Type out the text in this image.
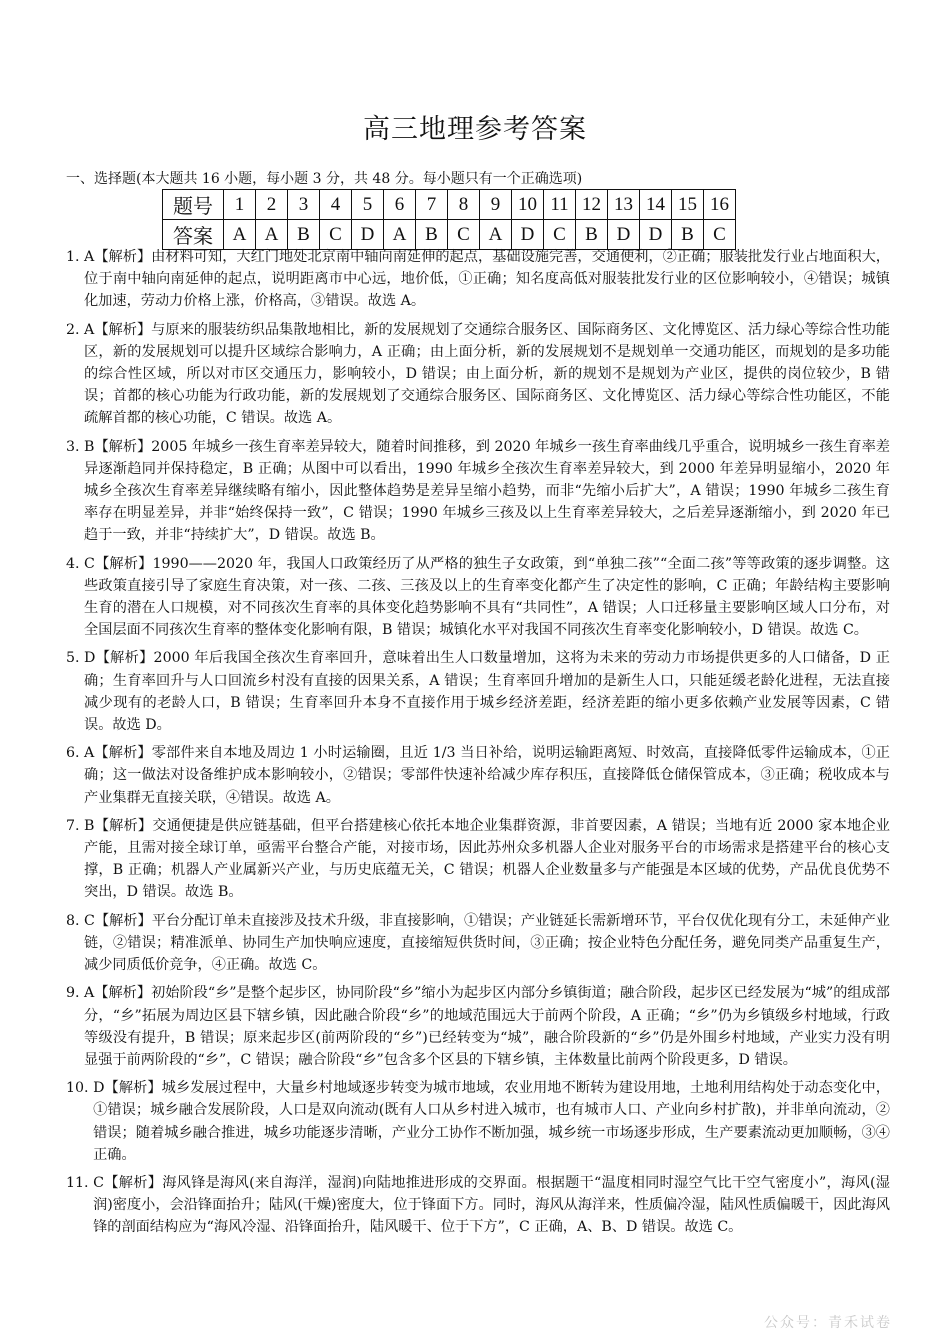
高三地理参考答案
一、选择题(本大题共 16 小题，每小题 3 分，共 48 分。每小题只有一个正确选项)
题号	1	2	3	4	5	6	7	8	9	10	11	12	13	14	15	16
答案	A	A	B	C	D	A	B	C	A	D	C	B	D	D	B	C
1. A【解析】由材料可知，大红门地处北京南中轴向南延伸的起点，基础设施完善，交通便利，②正确；服装批发行业占地面积大，位于南中轴向南延伸的起点，说明距离市中心远，地价低，①正确；知名度高低对服装批发行业的区位影响较小，④错误；城镇化加速，劳动力价格上涨，价格高，③错误。故选 A。
2. A【解析】与原来的服装纺织品集散地相比，新的发展规划了交通综合服务区、国际商务区、文化博览区、活力绿心等综合性功能区，新的发展规划可以提升区域综合影响力，A 正确；由上面分析，新的发展规划不是规划单一交通功能区，而规划的是多功能的综合性区域，所以对市区交通压力，影响较小，D 错误；由上面分析，新的规划不是规划为产业区，提供的岗位较少，B 错误；首都的核心功能为行政功能，新的发展规划了交通综合服务区、国际商务区、文化博览区、活力绿心等综合性功能区，不能疏解首都的核心功能，C 错误。故选 A。
3. B【解析】2005 年城乡一孩生育率差异较大，随着时间推移，到 2020 年城乡一孩生育率曲线几乎重合，说明城乡一孩生育率差异逐渐趋同并保持稳定，B 正确；从图中可以看出，1990 年城乡全孩次生育率差异较大，到 2000 年差异明显缩小，2020 年城乡全孩次生育率差异继续略有缩小，因此整体趋势是差异呈缩小趋势，而非“先缩小后扩大”，A 错误；1990 年城乡二孩生育率存在明显差异，并非“始终保持一致”，C 错误；1990 年城乡三孩及以上生育率差异较大，之后差异逐渐缩小，到 2020 年已趋于一致，并非“持续扩大”，D 错误。故选 B。
4. C【解析】1990——2020 年，我国人口政策经历了从严格的独生子女政策，到“单独二孩”“全面二孩”等等政策的逐步调整。这些政策直接引导了家庭生育决策，对一孩、二孩、三孩及以上的生育率变化都产生了决定性的影响，C 正确；年龄结构主要影响生育的潜在人口规模，对不同孩次生育率的具体变化趋势影响不具有“共同性”，A 错误；人口迁移量主要影响区域人口分布，对全国层面不同孩次生育率的整体变化影响有限，B 错误；城镇化水平对我国不同孩次生育率变化影响较小，D 错误。故选 C。
5. D【解析】2000 年后我国全孩次生育率回升，意味着出生人口数量增加，这将为未来的劳动力市场提供更多的人口储备，D 正确；生育率回升与人口回流乡村没有直接的因果关系，A 错误；生育率回升增加的是新生人口，只能延缓老龄化进程，无法直接减少现有的老龄人口，B 错误；生育率回升本身不直接作用于城乡经济差距，经济差距的缩小更多依赖产业发展等因素，C 错误。故选 D。
6. A【解析】零部件来自本地及周边 1 小时运输圈，且近 1/3 当日补给，说明运输距离短、时效高，直接降低零件运输成本，①正确；这一做法对设备维护成本影响较小，②错误；零部件快速补给减少库存积压，直接降低仓储保管成本，③正确；税收成本与产业集群无直接关联，④错误。故选 A。
7. B【解析】交通便捷是供应链基础，但平台搭建核心依托本地企业集群资源，非首要因素，A 错误；当地有近 2000 家本地企业产能，且需对接全球订单，亟需平台整合产能，对接市场，因此苏州众多机器人企业对服务平台的市场需求是搭建平台的核心支撑，B 正确；机器人产业属新兴产业，与历史底蕴无关，C 错误；机器人企业数量多与产能强是本区域的优势，产品优良优势不突出，D 错误。故选 B。
8. C【解析】平台分配订单未直接涉及技术升级，非直接影响，①错误；产业链延长需新增环节，平台仅优化现有分工，未延伸产业链，②错误；精准派单、协同生产加快响应速度，直接缩短供货时间，③正确；按企业特色分配任务，避免同类产品重复生产，减少同质低价竞争，④正确。故选 C。
9. A【解析】初始阶段“乡”是整个起步区，协同阶段“乡”缩小为起步区内部分乡镇街道；融合阶段，起步区已经发展为“城”的组成部分，“乡”拓展为周边区县下辖乡镇，因此融合阶段“乡”的地域范围远大于前两个阶段，A 正确；“乡”仍为乡镇级乡村地域，行政等级没有提升，B 错误；原来起步区(前两阶段的“乡”)已经转变为“城”，融合阶段新的“乡”仍是外围乡村地域，产业实力没有明显强于前两阶段的“乡”，C 错误；融合阶段“乡”包含多个区县的下辖乡镇，主体数量比前两个阶段更多，D 错误。
10. D【解析】城乡发展过程中，大量乡村地域逐步转变为城市地域，农业用地不断转为建设用地，土地利用结构处于动态变化中，①错误；城乡融合发展阶段，人口是双向流动(既有人口从乡村进入城市，也有城市人口、产业向乡村扩散)，并非单向流动，②错误；随着城乡融合推进，城乡功能逐步清晰，产业分工协作不断加强，城乡统一市场逐步形成，生产要素流动更加顺畅，③④正确。
11. C【解析】海风锋是海风(来自海洋，湿润)向陆地推进形成的交界面。根据题干“温度相同时湿空气比干空气密度小”，海风(湿润)密度小，会沿锋面抬升；陆风(干燥)密度大，位于锋面下方。同时，海风从海洋来，性质偏冷湿，陆风性质偏暖干，因此海风锋的剖面结构应为“海风冷湿、沿锋面抬升，陆风暖干、位于下方”，C 正确，A、B、D 错误。故选 C。
公众号：青禾试卷
